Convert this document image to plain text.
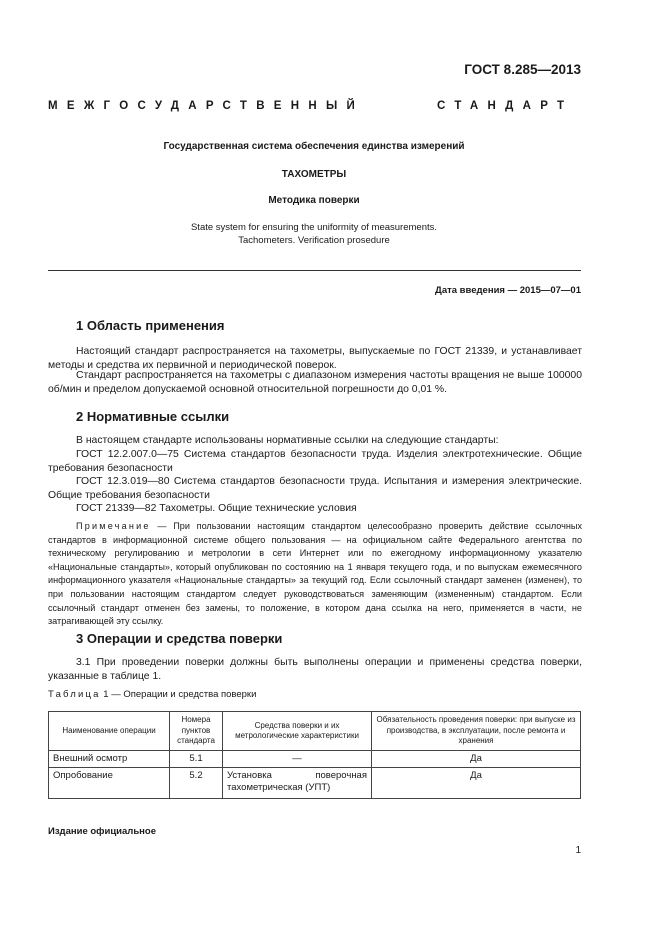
ГОСТ 8.285—2013
МЕЖГОСУДАРСТВЕННЫЙ	СТАНДАРТ
Государственная система обеспечения единства измерений
ТАХОМЕТРЫ
Методика поверки
State system for ensuring the uniformity of measurements.
Tachometers. Verification prosedure
Дата введения — 2015—07—01
1 Область применения
Настоящий стандарт распространяется на тахометры, выпускаемые по ГОСТ 21339, и устанавливает методы и средства их первичной и периодической поверок.
Стандарт распространяется на тахометры с диапазоном измерения частоты вращения не выше 100000 об/мин и пределом допускаемой основной относительной погрешности до 0,01 %.
2 Нормативные ссылки
В настоящем стандарте использованы нормативные ссылки на следующие стандарты:
ГОСТ 12.2.007.0—75 Система стандартов безопасности труда. Изделия электротехнические. Общие требования безопасности
ГОСТ 12.3.019—80 Система стандартов безопасности труда. Испытания и измерения электрические. Общие требования безопасности
ГОСТ 21339—82 Тахометры. Общие технические условия
Примечание — При пользовании настоящим стандартом целесообразно проверить действие ссылочных стандартов в информационной системе общего пользования — на официальном сайте Федерального агентства по техническому регулированию и метрологии в сети Интернет или по ежегодному информационному указателю «Национальные стандарты», который опубликован по состоянию на 1 января текущего года, и по выпускам ежемесячного информационного указателя «Национальные стандарты» за текущий год. Если ссылочный стандарт заменен (изменен), то при пользовании настоящим стандартом следует руководствоваться заменяющим (измененным) стандартом. Если ссылочный стандарт отменен без замены, то положение, в котором дана ссылка на него, применяется в части, не затрагивающей эту ссылку.
3 Операции и средства поверки
3.1 При проведении поверки должны быть выполнены операции и применены средства поверки, указанные в таблице 1.
Таблица 1 — Операции и средства поверки
Наименование операции	Номера пунктов стандарта	Средства поверки и их метрологические характеристики	Обязательность проведения поверки: при выпуске из производства, в эксплуатации, после ремонта и хранения
Внешний осмотр	5.1	—	Да
Опробование	5.2	Установка поверочная тахометрическая (УПТ)	Да
Издание официальное
1
